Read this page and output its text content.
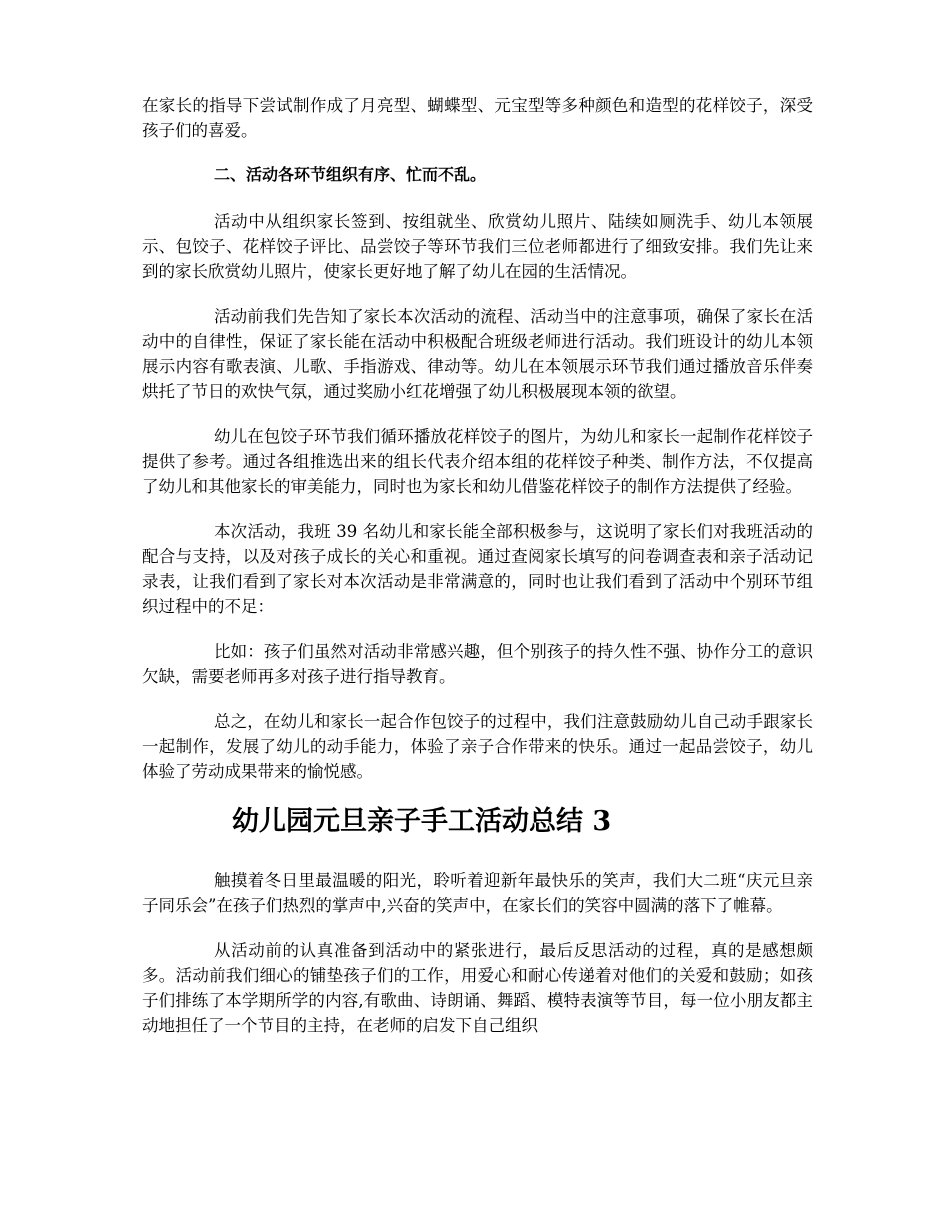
在家长的指导下尝试制作成了月亮型、蝴蝶型、元宝型等多种颜色和造型的花样饺子，深受孩子们的喜爱。

二、活动各环节组织有序、忙而不乱。

活动中从组织家长签到、按组就坐、欣赏幼儿照片、陆续如厕洗手、幼儿本领展示、包饺子、花样饺子评比、品尝饺子等环节我们三位老师都进行了细致安排。我们先让来到的家长欣赏幼儿照片，使家长更好地了解了幼儿在园的生活情况。

活动前我们先告知了家长本次活动的流程、活动当中的注意事项，确保了家长在活动中的自律性，保证了家长能在活动中积极配合班级老师进行活动。我们班设计的幼儿本领展示内容有歌表演、儿歌、手指游戏、律动等。幼儿在本领展示环节我们通过播放音乐伴奏烘托了节日的欢快气氛，通过奖励小红花增强了幼儿积极展现本领的欲望。

幼儿在包饺子环节我们循环播放花样饺子的图片，为幼儿和家长一起制作花样饺子提供了参考。通过各组推选出来的组长代表介绍本组的花样饺子种类、制作方法，不仅提高了幼儿和其他家长的审美能力，同时也为家长和幼儿借鉴花样饺子的制作方法提供了经验。

本次活动，我班 39 名幼儿和家长能全部积极参与，这说明了家长们对我班活动的配合与支持，以及对孩子成长的关心和重视。通过查阅家长填写的问卷调查表和亲子活动记录表，让我们看到了家长对本次活动是非常满意的，同时也让我们看到了活动中个别环节组织过程中的不足：

比如：孩子们虽然对活动非常感兴趣，但个别孩子的持久性不强、协作分工的意识欠缺，需要老师再多对孩子进行指导教育。

总之，在幼儿和家长一起合作包饺子的过程中，我们注意鼓励幼儿自己动手跟家长一起制作，发展了幼儿的动手能力，体验了亲子合作带来的快乐。通过一起品尝饺子，幼儿体验了劳动成果带来的愉悦感。

幼儿园元旦亲子手工活动总结 3

触摸着冬日里最温暖的阳光，聆听着迎新年最快乐的笑声，我们大二班“庆元旦亲子同乐会”在孩子们热烈的掌声中,兴奋的笑声中，在家长们的笑容中圆满的落下了帷幕。

从活动前的认真准备到活动中的紧张进行，最后反思活动的过程，真的是感想颇多。活动前我们细心的铺垫孩子们的工作，用爱心和耐心传递着对他们的关爱和鼓励；如孩子们排练了本学期所学的内容,有歌曲、诗朗诵、舞蹈、模特表演等节目，每一位小朋友都主动地担任了一个节目的主持，在老师的启发下自己组织
